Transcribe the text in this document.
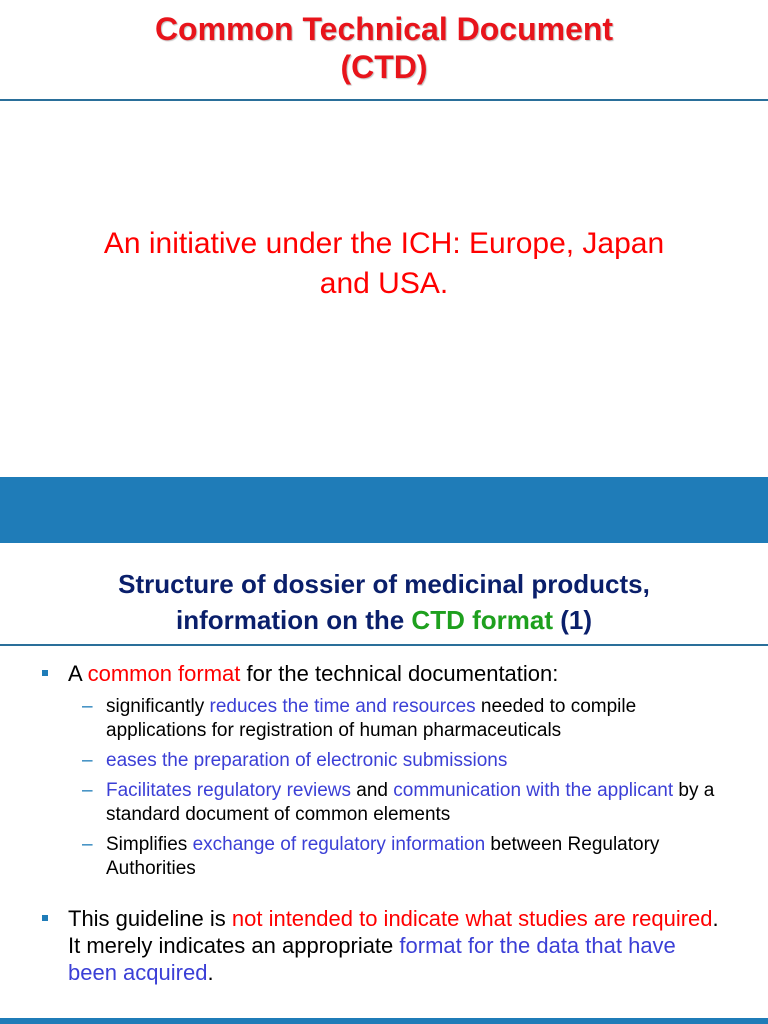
Common Technical Document
(CTD)
An initiative under the ICH: Europe, Japan
and USA.
Structure of dossier of medicinal products,
information on the CTD format (1)
A common format for the technical documentation:
– significantly reduces the time and resources needed to compile applications for registration of human pharmaceuticals
– eases the preparation of electronic submissions
– Facilitates regulatory reviews and communication with the applicant by a standard document of common elements
– Simplifies exchange of regulatory information between Regulatory Authorities
This guideline is not intended to indicate what studies are required. It merely indicates an appropriate format for the data that have been acquired.
